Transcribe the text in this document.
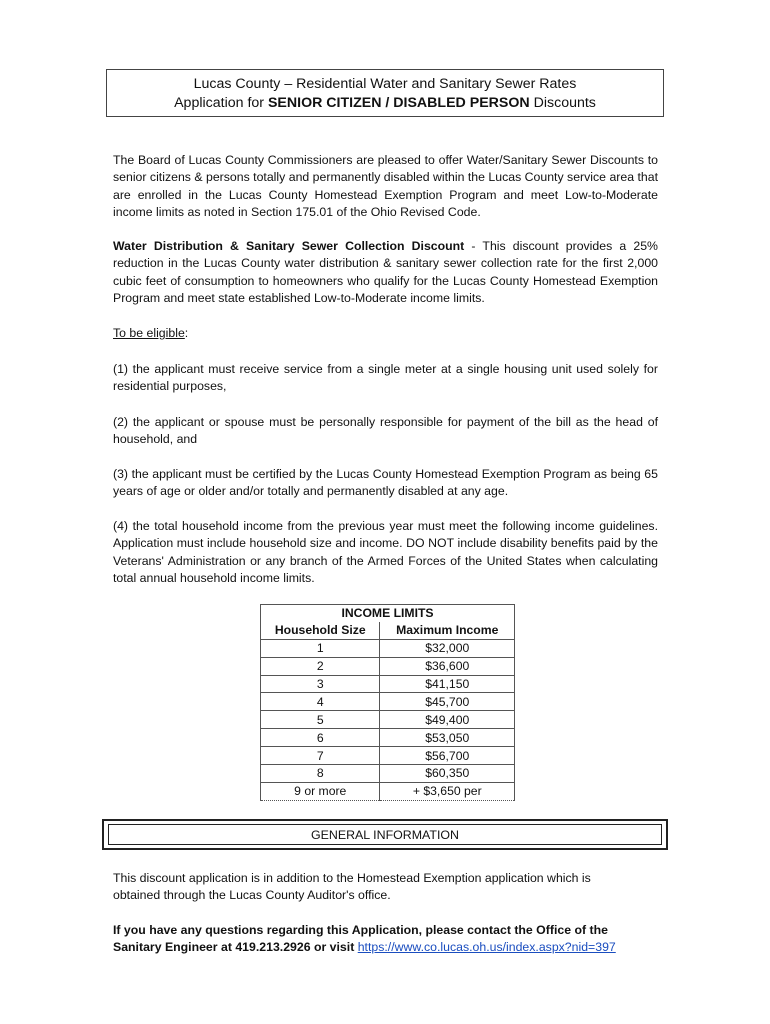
Lucas County – Residential Water and Sanitary Sewer Rates
Application for SENIOR CITIZEN / DISABLED PERSON Discounts

The Board of Lucas County Commissioners are pleased to offer Water/Sanitary Sewer Discounts to senior citizens & persons totally and permanently disabled within the Lucas County service area that are enrolled in the Lucas County Homestead Exemption Program and meet Low-to-Moderate income limits as noted in Section 175.01 of the Ohio Revised Code.

Water Distribution & Sanitary Sewer Collection Discount - This discount provides a 25% reduction in the Lucas County water distribution & sanitary sewer collection rate for the first 2,000 cubic feet of consumption to homeowners who qualify for the Lucas County Homestead Exemption Program and meet state established Low-to-Moderate income limits.

To be eligible:

(1) the applicant must receive service from a single meter at a single housing unit used solely for residential purposes,

(2) the applicant or spouse must be personally responsible for payment of the bill as the head of household, and

(3) the applicant must be certified by the Lucas County Homestead Exemption Program as being 65 years of age or older and/or totally and permanently disabled at any age.

(4) the total household income from the previous year must meet the following income guidelines. Application must include household size and income. DO NOT include disability benefits paid by the Veterans' Administration or any branch of the Armed Forces of the United States when calculating total annual household income limits.

INCOME LIMITS	
Household Size	Maximum Income
1	$32,000
2	$36,600
3	$41,150
4	$45,700
5	$49,400
6	$53,050
7	$56,700
8	$60,350
9 or more	+ $3,650 per
GENERAL INFORMATION

This discount application is in addition to the Homestead Exemption application which is obtained through the Lucas County Auditor's office.

If you have any questions regarding this Application, please contact the Office of the Sanitary Engineer at 419.213.2926 or visit https://www.co.lucas.oh.us/index.aspx?nid=397
